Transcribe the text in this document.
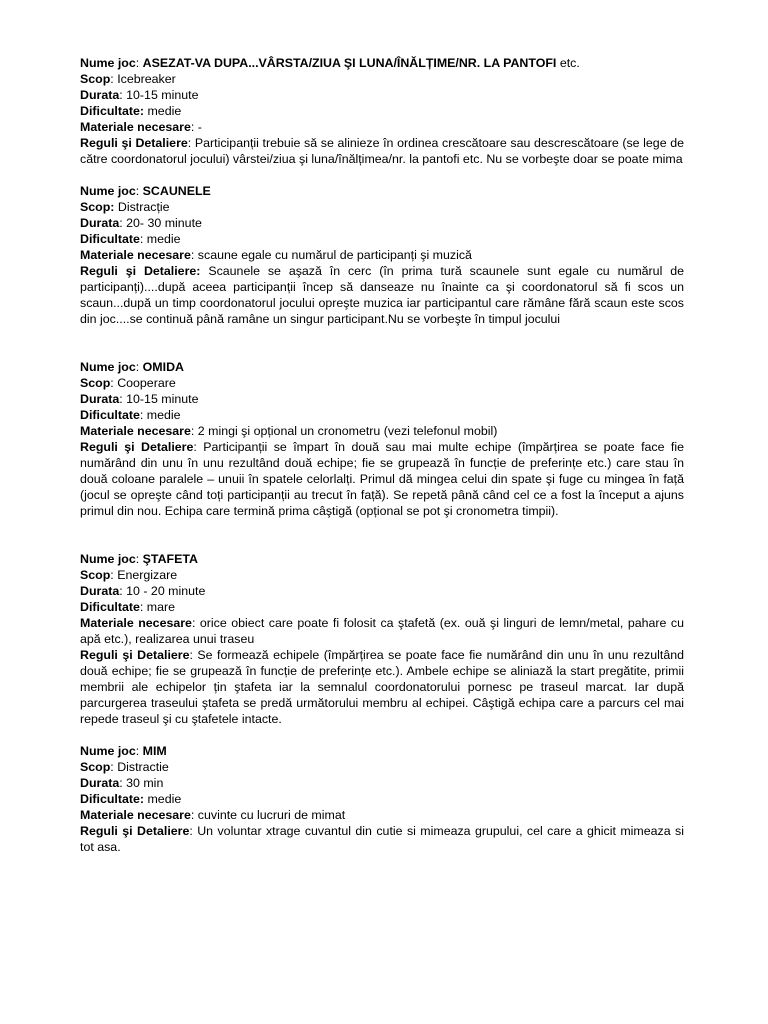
Nume joc: ASEZAT-VA DUPA...VÂRSTA/ZIUA ŞI LUNA/ÎNĂLȚIME/NR. LA PANTOFI etc.

Scop: Icebreaker

Durata: 10-15 minute

Dificultate: medie

Materiale necesare: -

Reguli şi Detaliere: Participanții trebuie să se alinieze în ordinea crescătoare sau descrescătoare (se lege de către coordonatorul jocului) vârstei/ziua şi luna/înălțimea/nr. la pantofi etc. Nu se vorbeşte doar se poate mima

Nume joc: SCAUNELE

Scop: Distracție

Durata: 20- 30 minute

Dificultate: medie

Materiale necesare: scaune egale cu numărul de participanți şi muzică

Reguli şi Detaliere: Scaunele se aşază în cerc (în prima tură scaunele sunt egale cu numărul de participanți)....după aceea participanții încep să danseaze nu înainte ca şi coordonatorul să fi scos un scaun...după un timp coordonatorul jocului opreşte muzica iar participantul care rămâne fără scaun este scos din joc....se continuă până ramâne un singur participant.Nu se vorbeşte în timpul jocului

Nume joc: OMIDA

Scop: Cooperare

Durata: 10-15 minute

Dificultate: medie

Materiale necesare: 2 mingi şi opțional un cronometru (vezi telefonul mobil)

Reguli şi Detaliere: Participanții se împart în două sau mai multe echipe (împărțirea se poate face fie numărând din unu în unu rezultând două echipe; fie se grupează în funcție de preferințe etc.) care stau în două coloane paralele – unuii în spatele celorlalți. Primul dă mingea celui din spate şi fuge cu mingea în față (jocul se opreşte când toți participanții au trecut în față). Se repetă până când cel ce a fost la început a ajuns primul din nou. Echipa care termină prima câştigă (opțional se pot şi cronometra timpii).

Nume joc: ŞTAFETA

Scop: Energizare

Durata: 10 - 20 minute

Dificultate: mare

Materiale necesare: orice obiect care poate fi folosit ca ştafetă (ex. ouă şi linguri de lemn/metal, pahare cu apă etc.), realizarea unui traseu

Reguli şi Detaliere: Se formează echipele (împărțirea se poate face fie numărând din unu în unu rezultând două echipe; fie se grupează în funcție de preferințe etc.). Ambele echipe se aliniază la start pregătite, primii membrii ale echipelor țin ştafeta iar la semnalul coordonatorului pornesc pe traseul marcat. Iar după parcurgerea traseului ştafeta se predă următorului membru al echipei. Câştigă echipa care a parcurs cel mai repede traseul şi cu ştafetele intacte.

Nume joc: MIM

Scop: Distractie

Durata: 30 min

Dificultate: medie

Materiale necesare: cuvinte cu lucruri de mimat

Reguli şi Detaliere: Un voluntar xtrage cuvantul din cutie si mimeaza grupului, cel care a ghicit mimeaza si tot asa.
